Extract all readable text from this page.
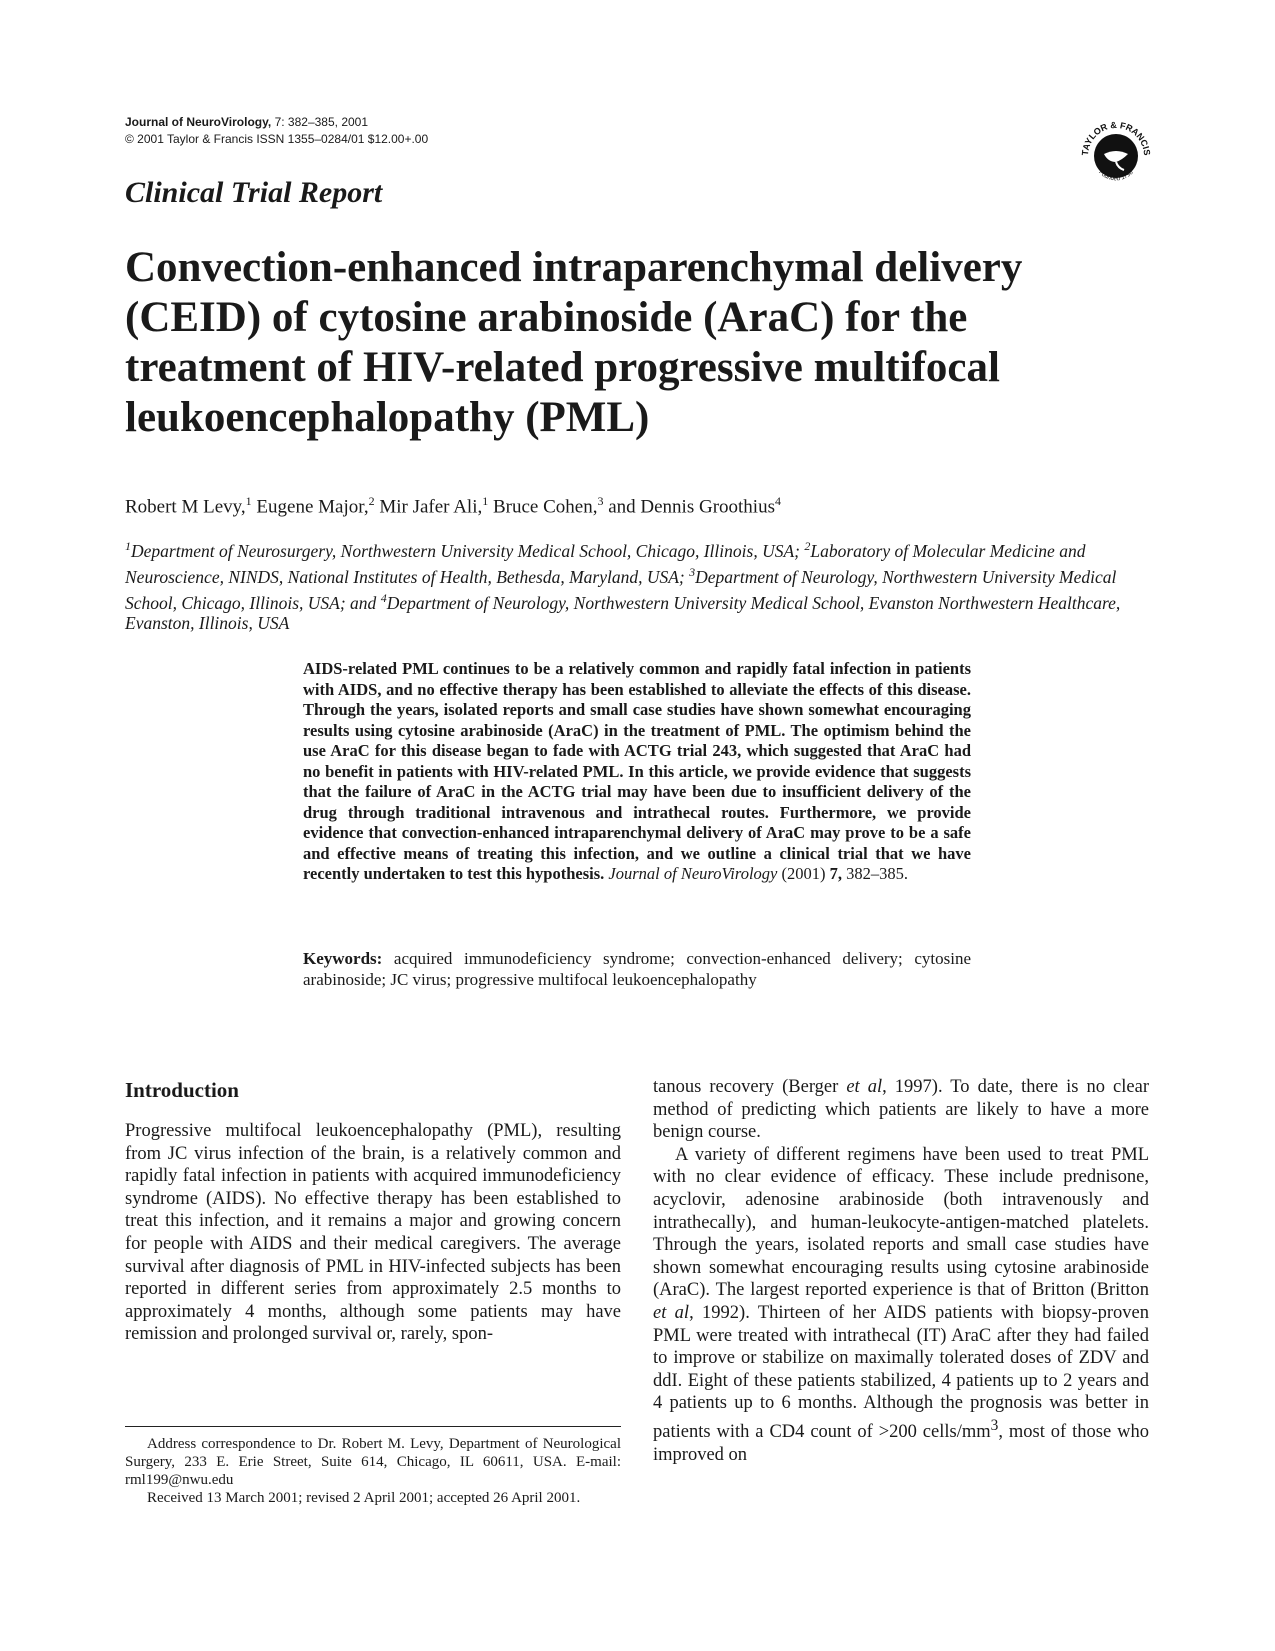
Journal of NeuroVirology, 7: 382–385, 2001
© 2001 Taylor & Francis ISSN 1355–0284/01 $12.00+.00
TAYLOR & FRANCIS
Founded 1798
Clinical Trial Report
Convection-enhanced intraparenchymal delivery (CEID) of cytosine arabinoside (AraC) for the treatment of HIV-related progressive multifocal leukoencephalopathy (PML)
Robert M Levy,$^1$ Eugene Major,$^2$ Mir Jafer Ali,$^1$ Bruce Cohen,$^3$ and Dennis Groothius$^4$

$^1$Department of Neurosurgery, Northwestern University Medical School, Chicago, Illinois, USA; $^2$Laboratory of Molecular Medicine and Neuroscience, NINDS, National Institutes of Health, Bethesda, Maryland, USA; $^3$Department of Neurology, Northwestern University Medical School, Chicago, Illinois, USA; and $^4$Department of Neurology, Northwestern University Medical School, Evanston Northwestern Healthcare, Evanston, Illinois, USA

AIDS-related PML continues to be a relatively common and rapidly fatal infection in patients with AIDS, and no effective therapy has been established to alleviate the effects of this disease. Through the years, isolated reports and small case studies have shown somewhat encouraging results using cytosine arabinoside (AraC) in the treatment of PML. The optimism behind the use AraC for this disease began to fade with ACTG trial 243, which suggested that AraC had no benefit in patients with HIV-related PML. In this article, we provide evidence that suggests that the failure of AraC in the ACTG trial may have been due to insufficient delivery of the drug through traditional intravenous and intrathecal routes. Furthermore, we provide evidence that convection-enhanced intraparenchymal delivery of AraC may prove to be a safe and effective means of treating this infection, and we outline a clinical trial that we have recently undertaken to test this hypothesis. Journal of NeuroVirology (2001) 7, 382–385.

Keywords: acquired immunodeficiency syndrome; convection-enhanced delivery; cytosine arabinoside; JC virus; progressive multifocal leukoencephalopathy

Introduction

Progressive multifocal leukoencephalopathy (PML), resulting from JC virus infection of the brain, is a relatively common and rapidly fatal infection in patients with acquired immunodeficiency syndrome (AIDS). No effective therapy has been established to treat this infection, and it remains a major and growing concern for people with AIDS and their medical caregivers. The average survival after diagnosis of PML in HIV-infected subjects has been reported in different series from approximately 2.5 months to approximately 4 months, although some patients may have remission and prolonged survival or, rarely, spon-

tanous recovery (Berger et al, 1997). To date, there is no clear method of predicting which patients are likely to have a more benign course.

A variety of different regimens have been used to treat PML with no clear evidence of efficacy. These include prednisone, acyclovir, adenosine arabinoside (both intravenously and intrathecally), and human-leukocyte-antigen-matched platelets. Through the years, isolated reports and small case studies have shown somewhat encouraging results using cytosine arabinoside (AraC). The largest reported experience is that of Britton (Britton et al, 1992). Thirteen of her AIDS patients with biopsy-proven PML were treated with intrathecal (IT) AraC after they had failed to improve or stabilize on maximally tolerated doses of ZDV and ddI. Eight of these patients stabilized, 4 patients up to 2 years and 4 patients up to 6 months. Although the prognosis was better in patients with a CD4 count of >200 cells/$mm^3$, most of those who improved on

Address correspondence to Dr. Robert M. Levy, Department of Neurological Surgery, 233 E. Erie Street, Suite 614, Chicago, IL 60611, USA. E-mail: rml199@nwu.edu

Received 13 March 2001; revised 2 April 2001; accepted 26 April 2001.
